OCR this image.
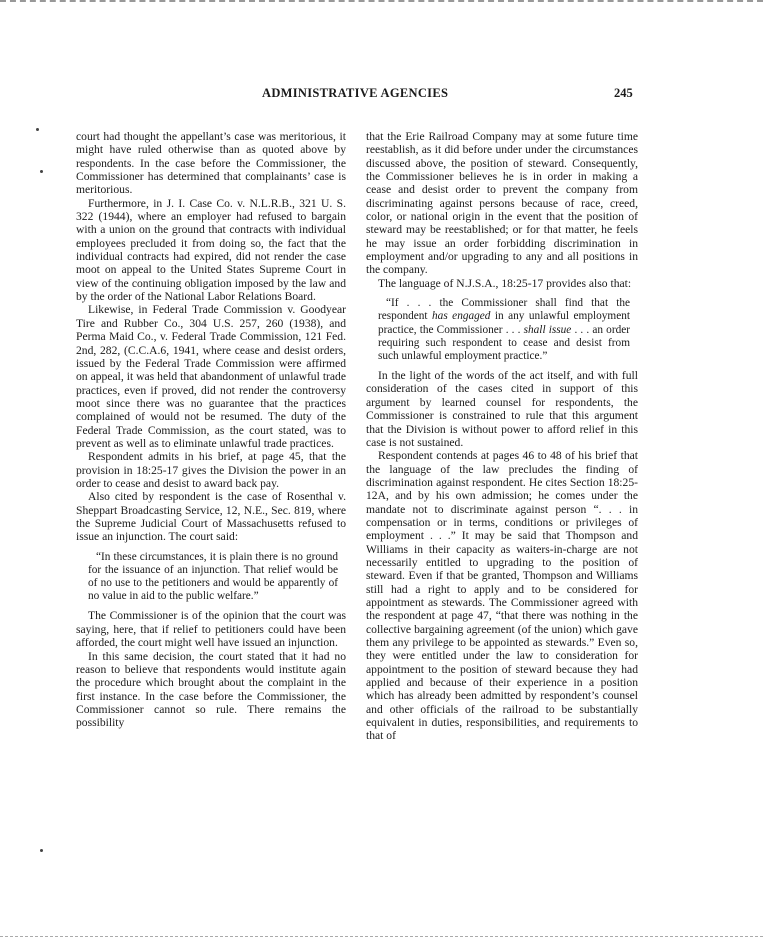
ADMINISTRATIVE AGENCIES	245

court had thought the appellant’s case was meritorious, it might have ruled otherwise than as quoted above by respondents. In the case before the Commissioner, the Commissioner has determined that complainants’ case is meritorious.

Furthermore, in J. I. Case Co. v. N.L.R.B., 321 U. S. 322 (1944), where an employer had refused to bargain with a union on the ground that contracts with individual employees precluded it from doing so, the fact that the individual contracts had expired, did not render the case moot on appeal to the United States Supreme Court in view of the continuing obligation imposed by the law and by the order of the National Labor Relations Board.

Likewise, in Federal Trade Commission v. Goodyear Tire and Rubber Co., 304 U.S. 257, 260 (1938), and Perma Maid Co., v. Federal Trade Commission, 121 Fed. 2nd, 282, (C.C.A.6, 1941, where cease and desist orders, issued by the Federal Trade Commission were affirmed on appeal, it was held that abandonment of unlawful trade practices, even if proved, did not render the controversy moot since there was no guarantee that the practices complained of would not be resumed. The duty of the Federal Trade Commission, as the court stated, was to prevent as well as to eliminate unlawful trade practices.

Respondent admits in his brief, at page 45, that the provision in 18:25-17 gives the Division the power in an order to cease and desist to award back pay.

Also cited by respondent is the case of Rosenthal v. Sheppart Broadcasting Service, 12, N.E., Sec. 819, where the Supreme Judicial Court of Massachusetts refused to issue an injunction. The court said:

“In these circumstances, it is plain there is no ground for the issuance of an injunction. That relief would be of no use to the petitioners and would be apparently of no value in aid to the public welfare.”

The Commissioner is of the opinion that the court was saying, here, that if relief to petitioners could have been afforded, the court might well have issued an injunction.

In this same decision, the court stated that it had no reason to believe that respondents would institute again the procedure which brought about the complaint in the first instance. In the case before the Commissioner, the Commissioner cannot so rule. There remains the possibility

that the Erie Railroad Company may at some future time reestablish, as it did before under under the circumstances discussed above, the position of steward. Consequently, the Commissioner believes he is in order in making a cease and desist order to prevent the company from discriminating against persons because of race, creed, color, or national origin in the event that the position of steward may be reestablished; or for that matter, he feels he may issue an order forbidding discrimination in employment and/or upgrading to any and all positions in the company.

The language of N.J.S.A., 18:25-17 provides also that:

“If . . . the Commissioner shall find that the respondent has engaged in any unlawful employment practice, the Commissioner . . . shall issue . . . an order requiring such respondent to cease and desist from such unlawful employment practice.”

In the light of the words of the act itself, and with full consideration of the cases cited in support of this argument by learned counsel for respondents, the Commissioner is constrained to rule that this argument that the Division is without power to afford relief in this case is not sustained.

Respondent contends at pages 46 to 48 of his brief that the language of the law precludes the finding of discrimination against respondent. He cites Section 18:25-12A, and by his own admission; he comes under the mandate not to discriminate against person “. . . in compensation or in terms, conditions or privileges of employment . . .” It may be said that Thompson and Williams in their capacity as waiters-in-charge are not necessarily entitled to upgrading to the position of steward. Even if that be granted, Thompson and Williams still had a right to apply and to be considered for appointment as stewards. The Commissioner agreed with the respondent at page 47, “that there was nothing in the collective bargaining agreement (of the union) which gave them any privilege to be appointed as stewards.” Even so, they were entitled under the law to consideration for appointment to the position of steward because they had applied and because of their experience in a position which has already been admitted by respondent’s counsel and other officials of the railroad to be substantially equivalent in duties, responsibilities, and requirements to that of
